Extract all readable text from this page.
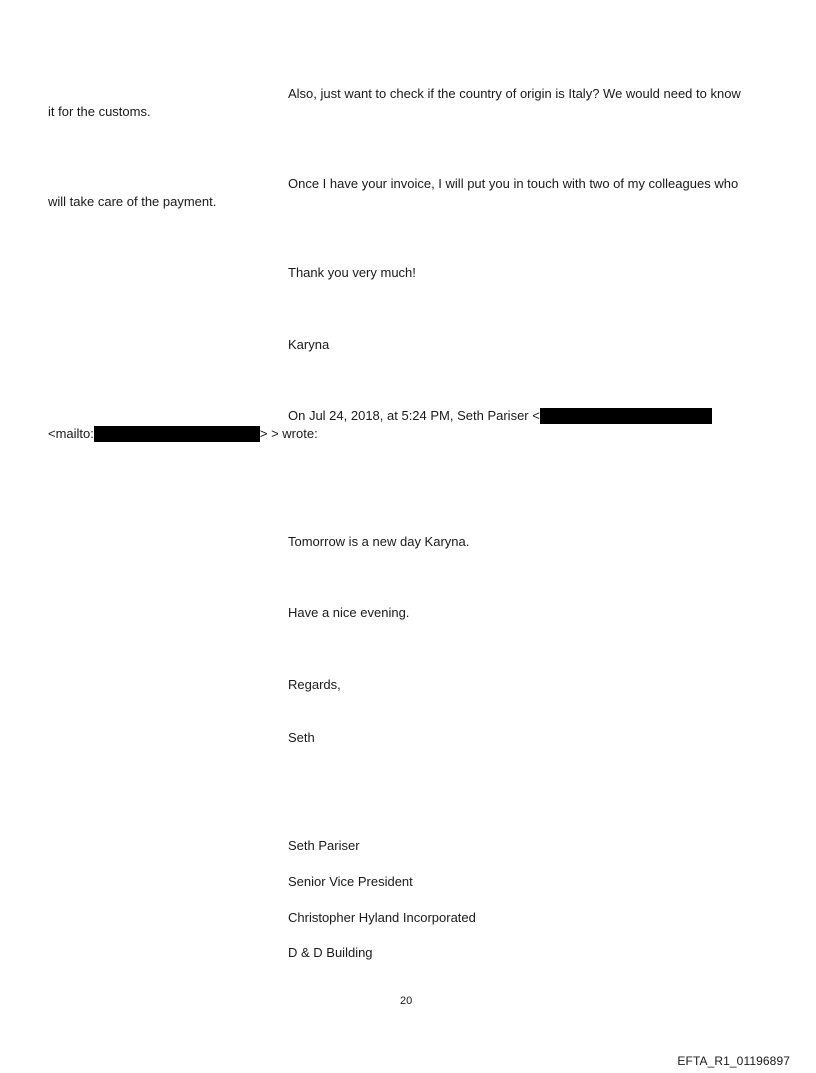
Also, just want to check if the country of origin is Italy? We would need to know
it for the customs.
Once I have your invoice, I will put you in touch with two of my colleagues who
will take care of the payment.
Thank you very much!
Karyna
On Jul 24, 2018, at 5:24 PM, Seth Pariser <
<mailto:	> > wrote:
Tomorrow is a new day Karyna.
Have a nice evening.
Regards,
Seth
Seth Pariser
Senior Vice President
Christopher Hyland Incorporated
D & D Building
20
EFTA_R1_01196897
